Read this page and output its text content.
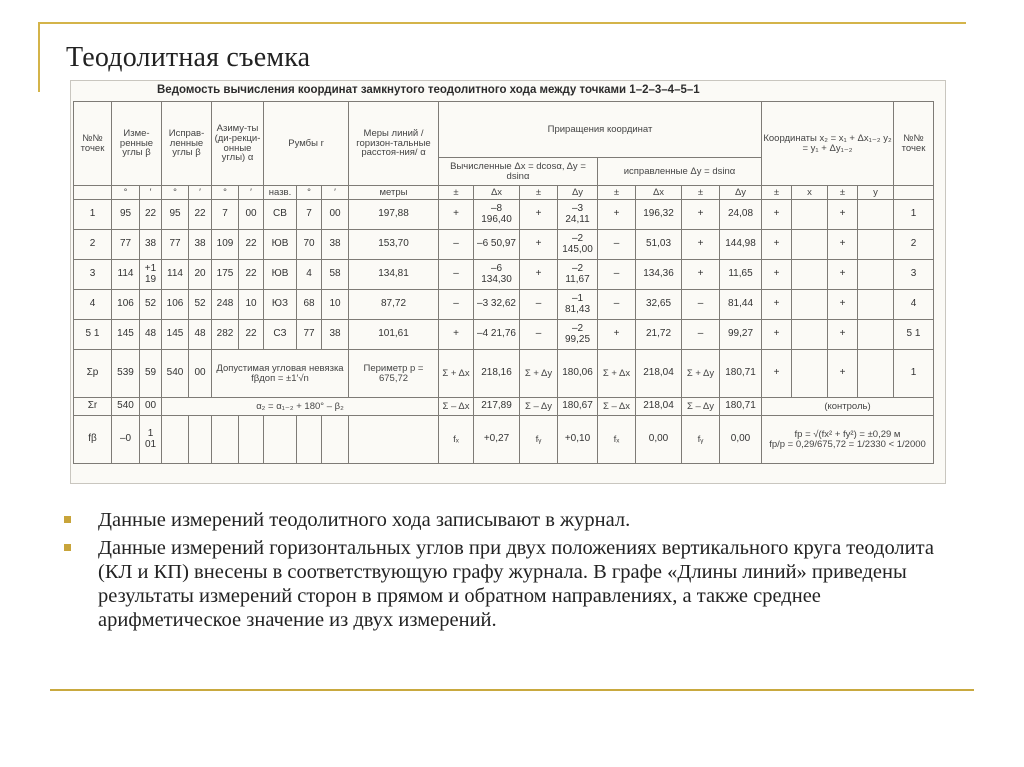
Теодолитная съемка
Ведомость вычисления координат замкнутого теодолитного хода между точками 1–2–3–4–5–1
№№ точек	Изме-ренные углы β		Исправ-ленные углы β		Азиму-ты (ди-рекци-онные углы) α		Румбы r			Меры линий / горизон-тальные расстоя-ния/ α	Приращения координат								Координаты x₂ = x₁ + Δx₁₋₂ y₂ = y₁ + Δy₁₋₂				№№ точек
											Вычисленные Δx = dcosα, Δy = dsinα				исправленные Δy = dsinα								
	°	′	°	′	°	′	назв.	°	′	метры	±	Δx	±	Δy	±	Δx	±	Δy	±	x	±	y	
1	95	22	95	22	7	00	СВ	7	00	197,88	+	–8 196,40	+	–3 24,11	+	196,32	+	24,08	+		+		1
2	77	38	77	38	109	22	ЮВ	70	38	153,70	–	–6 50,97	+	–2 145,00	–	51,03	+	144,98	+		+		2
3	114	+1 19	114	20	175	22	ЮВ	4	58	134,81	–	–6 134,30	+	–2 11,67	–	134,36	+	11,65	+		+		3
4	106	52	106	52	248	10	ЮЗ	68	10	87,72	–	–3 32,62	–	–1 81,43	–	32,65	–	81,44	+		+		4
5 1	145	48	145	48	282	22	СЗ	77	38	101,61	+	–4 21,76	–	–2 99,25	+	21,72	–	99,27	+		+		5 1
Σp	539	59	540	00	Допустимая угловая невязка fβдоп = ±1′√n					Периметр p = 675,72	Σ + Δx	218,16	Σ + Δy	180,06	Σ + Δx	218,04	Σ + Δy	180,71	+		+		1
Σr	540	00	α₂ = α₁₋₂ + 180° – β₂								Σ – Δx	217,89	Σ – Δy	180,67	Σ – Δx	218,04	Σ – Δy	180,71	(контроль)				
fβ	–0	1 01									fₓ	+0,27	fᵧ	+0,10	fₓ	0,00	fᵧ	0,00	fp = √(fx² + fy²) = ±0,29 м
fp/p = 0,29/675,72 = 1/2330 < 1/2000				
Данные измерений теодолитного хода записывают в журнал.
Данные измерений горизонтальных углов при двух положениях вертикального круга теодолита (КЛ и КП) внесены в соответствующую графу журнала. В графе «Длины линий» приведены результаты измерений сторон в прямом и обратном направлениях, а также среднее арифметическое значение из двух измерений.
